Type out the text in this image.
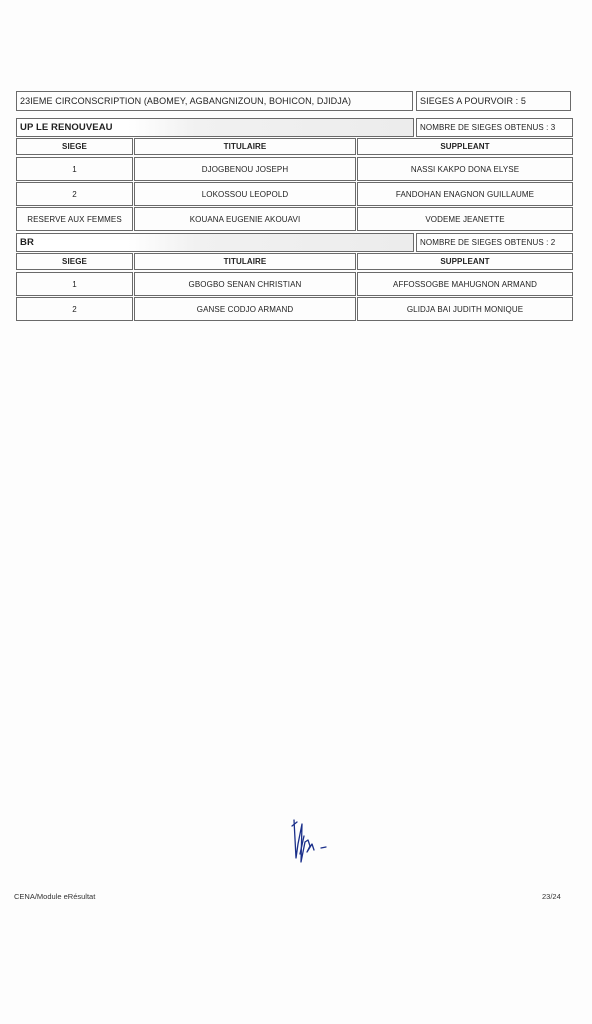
23IEME CIRCONSCRIPTION (ABOMEY, AGBANGNIZOUN, BOHICON, DJIDJA)	SIEGES A POURVOIR : 5
UP LE RENOUVEAU	NOMBRE DE SIEGES OBTENUS : 3
SIEGE	TITULAIRE	SUPPLEANT
1	DJOGBENOU JOSEPH	NASSI KAKPO DONA ELYSE
2	LOKOSSOU LEOPOLD	FANDOHAN ENAGNON GUILLAUME
RESERVE AUX FEMMES	KOUANA EUGENIE AKOUAVI	VODEME JEANETTE
BR	NOMBRE DE SIEGES OBTENUS : 2
SIEGE	TITULAIRE	SUPPLEANT
1	GBOGBO SENAN CHRISTIAN	AFFOSSOGBE MAHUGNON ARMAND
2	GANSE CODJO ARMAND	GLIDJA BAI JUDITH MONIQUE
CENA/Module eRésultat	23/24
